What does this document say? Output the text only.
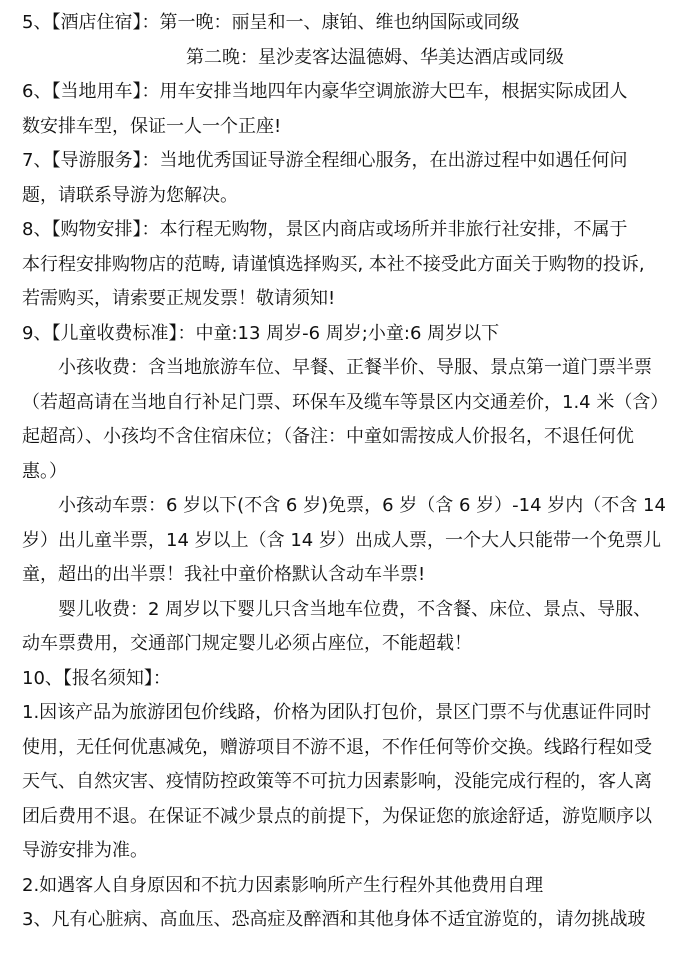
5、【酒店住宿】：第一晚：丽呈和一、康铂、维也纳国际或同级
第二晚：星沙麦客达温德姆、华美达酒店或同级
6、【当地用车】：用车安排当地四年内豪华空调旅游大巴车，根据实际成团人
数安排车型，保证一人一个正座!
7、【导游服务】：当地优秀国证导游全程细心服务，在出游过程中如遇任何问
题，请联系导游为您解决。
8、【购物安排】：本行程无购物，景区内商店或场所并非旅行社安排，不属于
本行程安排购物店的范畴, 请谨慎选择购买, 本社不接受此方面关于购物的投诉,
若需购买，请索要正规发票！敬请须知!
9、【儿童收费标准】：中童:13 周岁-6 周岁;小童:6 周岁以下
小孩收费：含当地旅游车位、早餐、正餐半价、导服、景点第一道门票半票
（若超高请在当地自行补足门票、环保车及缆车等景区内交通差价，1.4 米（含）
起超高）、小孩均不含住宿床位；（备注：中童如需按成人价报名，不退任何优
惠。）
小孩动车票：6 岁以下(不含 6 岁)免票，6 岁（含 6 岁）-14 岁内（不含 14
岁）出儿童半票，14 岁以上（含 14 岁）出成人票，一个大人只能带一个免票儿
童，超出的出半票！我社中童价格默认含动车半票!
婴儿收费：2 周岁以下婴儿只含当地车位费，不含餐、床位、景点、导服、
动车票费用，交通部门规定婴儿必须占座位，不能超载！
10、【报名须知】：
1.因该产品为旅游团包价线路，价格为团队打包价，景区门票不与优惠证件同时
使用，无任何优惠减免，赠游项目不游不退，不作任何等价交换。线路行程如受
天气、自然灾害、疫情防控政策等不可抗力因素影响，没能完成行程的，客人离
团后费用不退。在保证不减少景点的前提下，为保证您的旅途舒适，游览顺序以
导游安排为准。
2.如遇客人自身原因和不抗力因素影响所产生行程外其他费用自理
3、凡有心脏病、高血压、恐高症及醉酒和其他身体不适宜游览的，请勿挑战玻
